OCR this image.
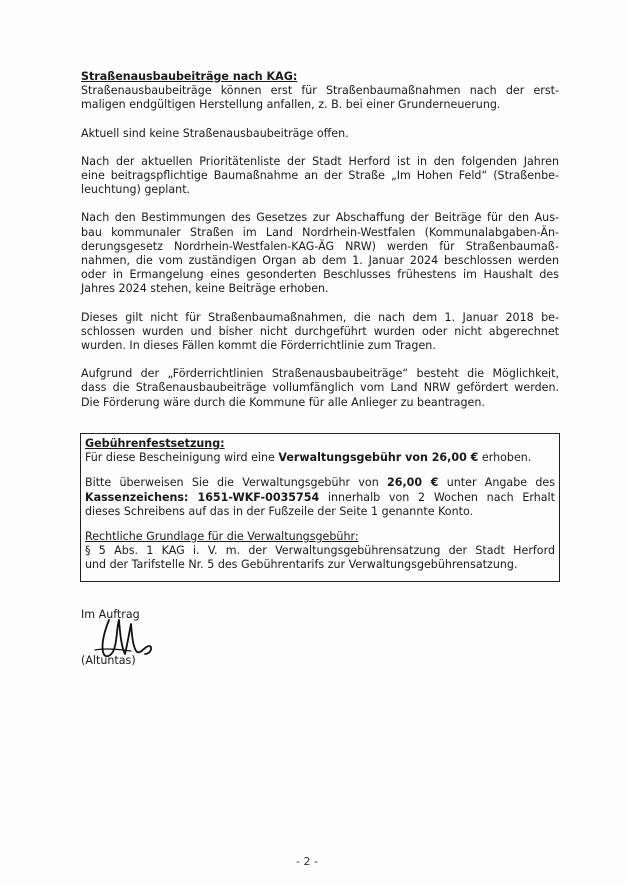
Straßenausbaubeiträge nach KAG:
Straßenausbaubeiträge können erst für Straßenbaumaßnahmen nach der erst-
maligen endgültigen Herstellung anfallen, z. B. bei einer Grunderneuerung.
Aktuell sind keine Straßenausbaubeiträge offen.
Nach der aktuellen Prioritätenliste der Stadt Herford ist in den folgenden Jahren
eine beitragspflichtige Baumaßnahme an der Straße „Im Hohen Feld“ (Straßenbe-
leuchtung) geplant.
Nach den Bestimmungen des Gesetzes zur Abschaffung der Beiträge für den Aus-
bau kommunaler Straßen im Land Nordrhein-Westfalen (Kommunalabgaben-Än-
derungsgesetz Nordrhein-Westfalen-KAG-ÄG NRW) werden für Straßenbaumaß-
nahmen, die vom zuständigen Organ ab dem 1. Januar 2024 beschlossen werden
oder in Ermangelung eines gesonderten Beschlusses frühestens im Haushalt des
Jahres 2024 stehen, keine Beiträge erhoben.
Dieses gilt nicht für Straßenbaumaßnahmen, die nach dem 1. Januar 2018 be-
schlossen wurden und bisher nicht durchgeführt wurden oder nicht abgerechnet
wurden. In dieses Fällen kommt die Förderrichtlinie zum Tragen.
Aufgrund der „Förderrichtlinien Straßenausbaubeiträge“ besteht die Möglichkeit,
dass die Straßenausbaubeiträge vollumfänglich vom Land NRW gefördert werden.
Die Förderung wäre durch die Kommune für alle Anlieger zu beantragen.
Gebührenfestsetzung:
Für diese Bescheinigung wird eine Verwaltungsgebühr von 26,00 € erhoben.
Bitte überweisen Sie die Verwaltungsgebühr von 26,00 € unter Angabe des
Kassenzeichens: 1651-WKF-0035754 innerhalb von 2 Wochen nach Erhalt
dieses Schreibens auf das in der Fußzeile der Seite 1 genannte Konto.
Rechtliche Grundlage für die Verwaltungsgebühr:
§ 5 Abs. 1 KAG i. V. m. der Verwaltungsgebührensatzung der Stadt Herford
und der Tarifstelle Nr. 5 des Gebührentarifs zur Verwaltungsgebührensatzung.
Im Auftrag
(Altuntas)
- 2 -
